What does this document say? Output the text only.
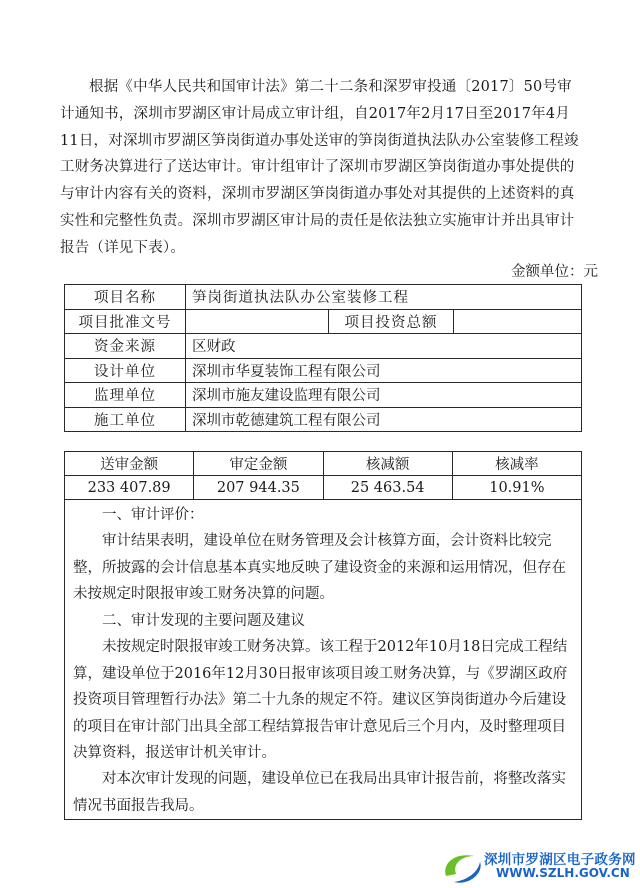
根据《中华人民共和国审计法》第二十二条和深罗审投通〔2017〕50号审计通知书，深圳市罗湖区审计局成立审计组，自2017年2月17日至2017年4月11日，对深圳市罗湖区笋岗街道办事处送审的笋岗街道执法队办公室装修工程竣工财务决算进行了送达审计。审计组审计了深圳市罗湖区笋岗街道办事处提供的与审计内容有关的资料，深圳市罗湖区笋岗街道办事处对其提供的上述资料的真实性和完整性负责。深圳市罗湖区审计局的责任是依法独立实施审计并出具审计报告（详见下表）。
金额单位：元
项目名称	笋岗街道执法队办公室装修工程		
项目批准文号		项目投资总额	
资金来源	区财政		
设计单位	深圳市华夏装饰工程有限公司		
监理单位	深圳市施友建设监理有限公司		
施工单位	深圳市乾德建筑工程有限公司		
送审金额	审定金额	核减额	核减率
233 407.89	207 944.35	25 463.54	10.91%
一、审计评价：
审计结果表明，建设单位在财务管理及会计核算方面，会计资料比较完整，所披露的会计信息基本真实地反映了建设资金的来源和运用情况，但存在未按规定时限报审竣工财务决算的问题。
二、审计发现的主要问题及建议
未按规定时限报审竣工财务决算。该工程于2012年10月18日完成工程结算，建设单位于2016年12月30日报审该项目竣工财务决算，与《罗湖区政府投资项目管理暂行办法》第二十九条的规定不符。建议区笋岗街道办今后建设的项目在审计部门出具全部工程结算报告审计意见后三个月内，及时整理项目决算资料，报送审计机关审计。
对本次审计发现的问题，建设单位已在我局出具审计报告前，将整改落实情况书面报告我局。
深圳市罗湖区电子政务网
WWW.SZLH.GOV.CN
